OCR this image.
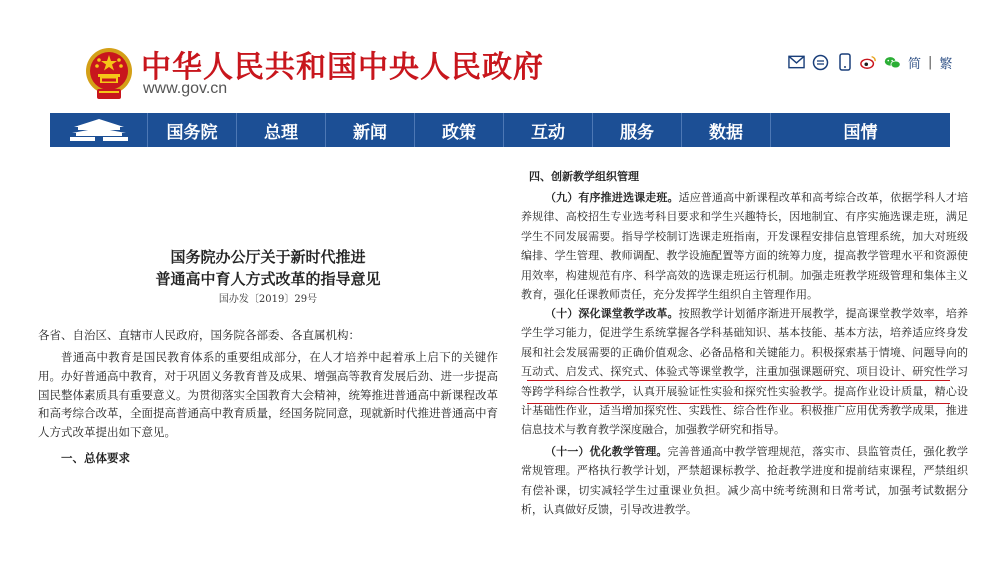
中华人民共和国中央人民政府
www.gov.cn
简 | 繁
国务院	总理	新闻	政策	互动	服务	数据	国情
国务院办公厅关于新时代推进
普通高中育人方式改革的指导意见
国办发〔2019〕29号
各省、自治区、直辖市人民政府，国务院各部委、各直属机构：
普通高中教育是国民教育体系的重要组成部分，在人才培养中起着承上启下的关键作用。办好普通高中教育，对于巩固义务教育普及成果、增强高等教育发展后劲、进一步提高国民整体素质具有重要意义。为贯彻落实全国教育大会精神，统筹推进普通高中新课程改革和高考综合改革，全面提高普通高中教育质量，经国务院同意，现就新时代推进普通高中育人方式改革提出如下意见。
一、总体要求
四、创新教学组织管理
（九）有序推进选课走班。适应普通高中新课程改革和高考综合改革，依据学科人才培养规律、高校招生专业选考科目要求和学生兴趣特长，因地制宜、有序实施选课走班，满足学生不同发展需要。指导学校制订选课走班指南，开发课程安排信息管理系统，加大对班级编排、学生管理、教师调配、教学设施配置等方面的统筹力度，提高教学管理水平和资源使用效率，构建规范有序、科学高效的选课走班运行机制。加强走班教学班级管理和集体主义教育，强化任课教师责任，充分发挥学生组织自主管理作用。
（十）深化课堂教学改革。按照教学计划循序渐进开展教学，提高课堂教学效率，培养学生学习能力，促进学生系统掌握各学科基础知识、基本技能、基本方法，培养适应终身发展和社会发展需要的正确价值观念、必备品格和关键能力。积极探索基于情境、问题导向的互动式、启发式、探究式、体验式等课堂教学，注重加强课题研究、项目设计、研究性学习等跨学科综合性教学，认真开展验证性实验和探究性实验教学。提高作业设计质量，精心设计基础性作业，适当增加探究性、实践性、综合性作业。积极推广应用优秀教学成果，推进信息技术与教育教学深度融合，加强教学研究和指导。
（十一）优化教学管理。完善普通高中教学管理规范，落实市、县监管责任，强化教学常规管理。严格执行教学计划，严禁超课标教学、抢赶教学进度和提前结束课程，严禁组织有偿补课，切实减轻学生过重课业负担。减少高中统考统测和日常考试，加强考试数据分析，认真做好反馈，引导改进教学。
